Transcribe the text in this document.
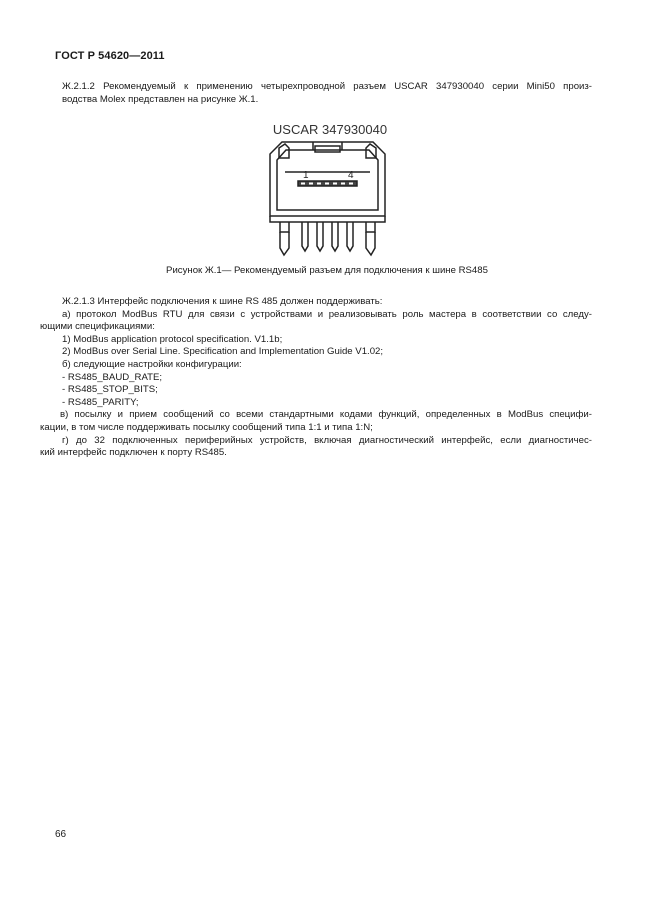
ГОСТ Р 54620—2011
Ж.2.1.2 Рекомендуемый к применению четырехпроводной разъем USCAR 347930040 серии Mini50 произ-
водства Molex представлен на рисунке Ж.1.
USCAR 347930040
1	4
Рисунок Ж.1— Рекомендуемый разъем для подключения к шине RS485
Ж.2.1.3 Интерфейс подключения к шине RS 485 должен поддерживать:
а) протокол ModBus RTU для связи с устройствами и реализовывать роль мастера в соответствии со следу-
ющими спецификациями:
1) ModBus application protocol specification. V1.1b;
2) ModBus over Serial Line. Specification and Implementation Guide V1.02;
б) следующие настройки конфигурации:
- RS485_BAUD_RATE;
- RS485_STOP_BITS;
- RS485_PARITY;
в) посылку и прием сообщений со всеми стандартными кодами функций, определенных в ModBus специфи-
кации, в том числе поддерживать посылку сообщений типа 1:1 и типа 1:N;
г) до 32 подключенных периферийных устройств, включая диагностический интерфейс, если диагностичес-
кий интерфейс подключен к порту RS485.
66
